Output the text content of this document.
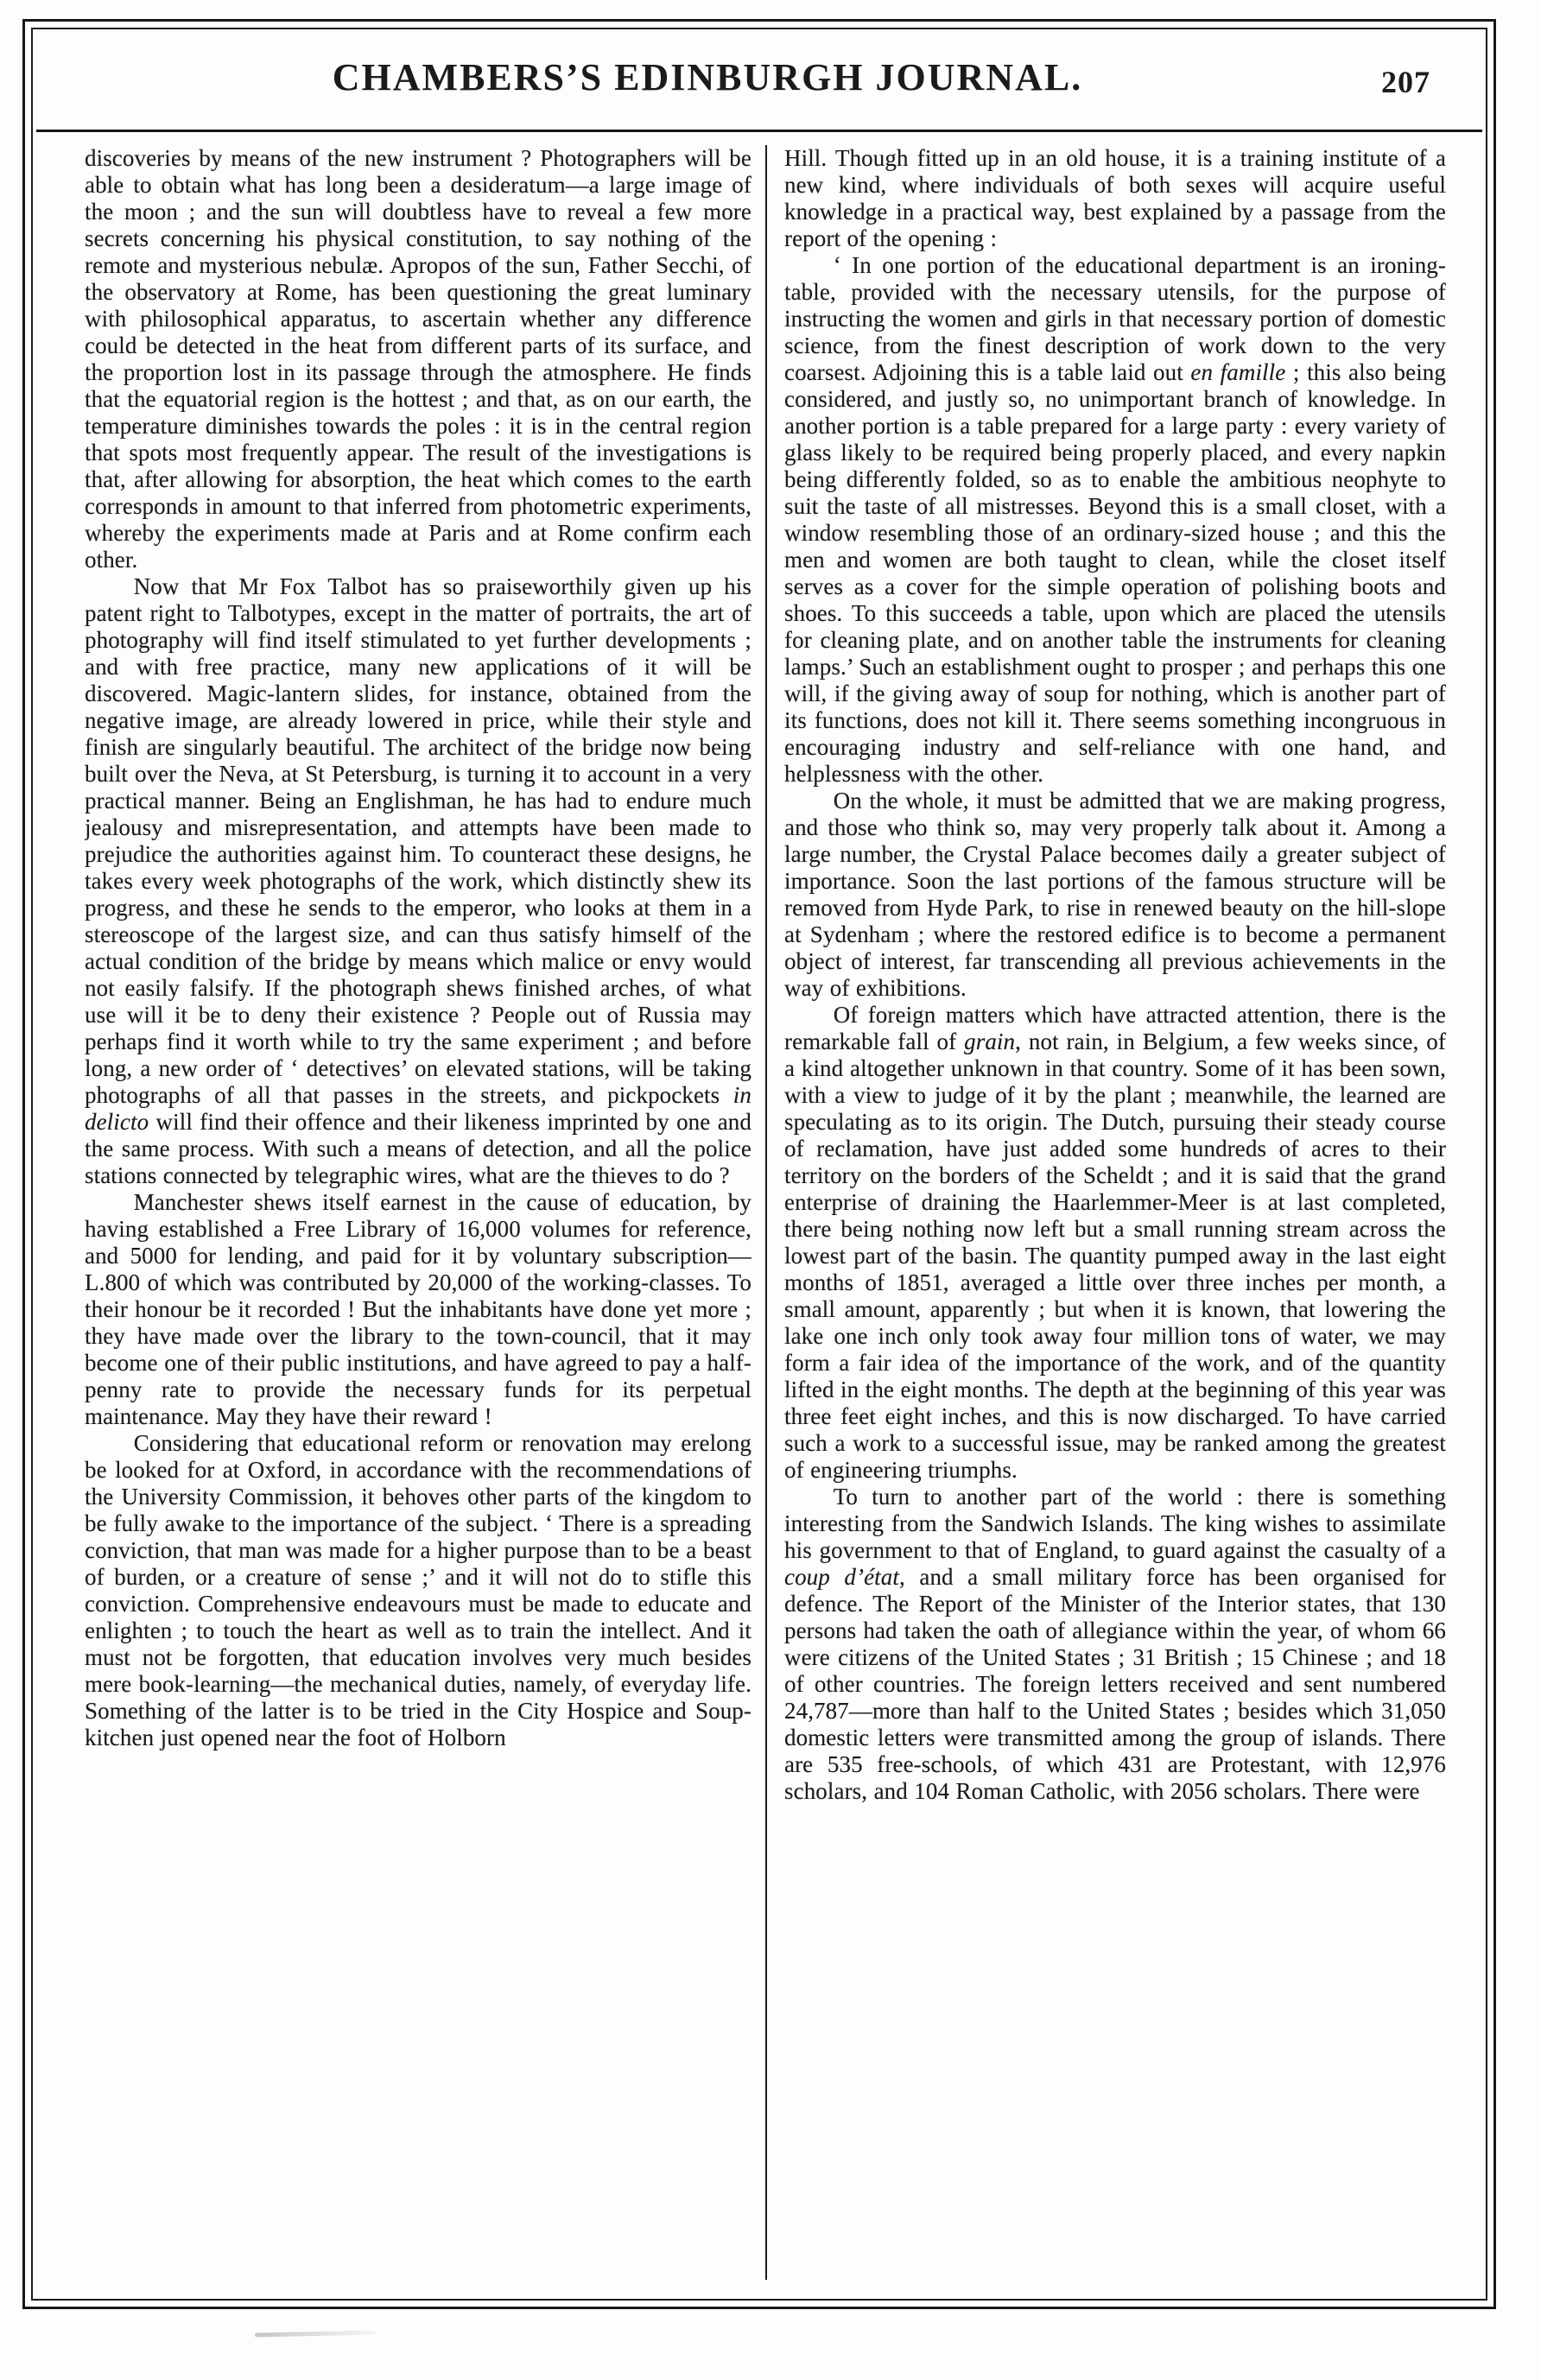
CHAMBERS’S EDINBURGH JOURNAL.	207

discoveries by means of the new instrument ? Photographers will be able to obtain what has long been a desideratum—a large image of the moon ; and the sun will doubtless have to reveal a few more secrets concerning his physical constitution, to say nothing of the remote and mysterious nebulæ. Apropos of the sun, Father Secchi, of the observatory at Rome, has been questioning the great luminary with philosophical apparatus, to ascertain whether any difference could be detected in the heat from different parts of its surface, and the proportion lost in its passage through the atmosphere. He finds that the equatorial region is the hottest ; and that, as on our earth, the temperature diminishes towards the poles : it is in the central region that spots most frequently appear. The result of the investigations is that, after allowing for absorption, the heat which comes to the earth corresponds in amount to that inferred from photometric experiments, whereby the experiments made at Paris and at Rome confirm each other.

Now that Mr Fox Talbot has so praiseworthily given up his patent right to Talbotypes, except in the matter of portraits, the art of photography will find itself stimulated to yet further developments ; and with free practice, many new applications of it will be discovered. Magic-lantern slides, for instance, obtained from the negative image, are already lowered in price, while their style and finish are singularly beautiful. The architect of the bridge now being built over the Neva, at St Petersburg, is turning it to account in a very practical manner. Being an Englishman, he has had to endure much jealousy and misrepresentation, and attempts have been made to prejudice the authorities against him. To counteract these designs, he takes every week photographs of the work, which distinctly shew its progress, and these he sends to the emperor, who looks at them in a stereoscope of the largest size, and can thus satisfy himself of the actual condition of the bridge by means which malice or envy would not easily falsify. If the photograph shews finished arches, of what use will it be to deny their existence ? People out of Russia may perhaps find it worth while to try the same experiment ; and before long, a new order of ‘ detectives’ on elevated stations, will be taking photographs of all that passes in the streets, and pickpockets in delicto will find their offence and their likeness imprinted by one and the same process. With such a means of detection, and all the police stations connected by telegraphic wires, what are the thieves to do ?

Manchester shews itself earnest in the cause of education, by having established a Free Library of 16,000 volumes for reference, and 5000 for lending, and paid for it by voluntary subscription—L.800 of which was contributed by 20,000 of the working-classes. To their honour be it recorded ! But the inhabitants have done yet more ; they have made over the library to the town-council, that it may become one of their public institutions, and have agreed to pay a half-penny rate to provide the necessary funds for its perpetual maintenance. May they have their reward !

Considering that educational reform or renovation may erelong be looked for at Oxford, in accordance with the recommendations of the University Commission, it behoves other parts of the kingdom to be fully awake to the importance of the subject. ‘ There is a spreading conviction, that man was made for a higher purpose than to be a beast of burden, or a creature of sense ;’ and it will not do to stifle this conviction. Comprehensive endeavours must be made to educate and enlighten ; to touch the heart as well as to train the intellect. And it must not be forgotten, that education involves very much besides mere book-learning—the mechanical duties, namely, of everyday life. Something of the latter is to be tried in the City Hospice and Soup-kitchen just opened near the foot of Holborn

Hill. Though fitted up in an old house, it is a training institute of a new kind, where individuals of both sexes will acquire useful knowledge in a practical way, best explained by a passage from the report of the opening :

‘ In one portion of the educational department is an ironing-table, provided with the necessary utensils, for the purpose of instructing the women and girls in that necessary portion of domestic science, from the finest description of work down to the very coarsest. Adjoining this is a table laid out en famille ; this also being considered, and justly so, no unimportant branch of knowledge. In another portion is a table prepared for a large party : every variety of glass likely to be required being properly placed, and every napkin being differently folded, so as to enable the ambitious neophyte to suit the taste of all mistresses. Beyond this is a small closet, with a window resembling those of an ordinary-sized house ; and this the men and women are both taught to clean, while the closet itself serves as a cover for the simple operation of polishing boots and shoes. To this succeeds a table, upon which are placed the utensils for cleaning plate, and on another table the instruments for cleaning lamps.’ Such an establishment ought to prosper ; and perhaps this one will, if the giving away of soup for nothing, which is another part of its functions, does not kill it. There seems something incongruous in encouraging industry and self-reliance with one hand, and helplessness with the other.

On the whole, it must be admitted that we are making progress, and those who think so, may very properly talk about it. Among a large number, the Crystal Palace becomes daily a greater subject of importance. Soon the last portions of the famous structure will be removed from Hyde Park, to rise in renewed beauty on the hill-slope at Sydenham ; where the restored edifice is to become a permanent object of interest, far transcending all previous achievements in the way of exhibitions.

Of foreign matters which have attracted attention, there is the remarkable fall of grain, not rain, in Belgium, a few weeks since, of a kind altogether unknown in that country. Some of it has been sown, with a view to judge of it by the plant ; meanwhile, the learned are speculating as to its origin. The Dutch, pursuing their steady course of reclamation, have just added some hundreds of acres to their territory on the borders of the Scheldt ; and it is said that the grand enterprise of draining the Haarlemmer-Meer is at last completed, there being nothing now left but a small running stream across the lowest part of the basin. The quantity pumped away in the last eight months of 1851, averaged a little over three inches per month, a small amount, apparently ; but when it is known, that lowering the lake one inch only took away four million tons of water, we may form a fair idea of the importance of the work, and of the quantity lifted in the eight months. The depth at the beginning of this year was three feet eight inches, and this is now discharged. To have carried such a work to a successful issue, may be ranked among the greatest of engineering triumphs.

To turn to another part of the world : there is something interesting from the Sandwich Islands. The king wishes to assimilate his government to that of England, to guard against the casualty of a coup d’état, and a small military force has been organised for defence. The Report of the Minister of the Interior states, that 130 persons had taken the oath of allegiance within the year, of whom 66 were citizens of the United States ; 31 British ; 15 Chinese ; and 18 of other countries. The foreign letters received and sent numbered 24,787—more than half to the United States ; besides which 31,050 domestic letters were transmitted among the group of islands. There are 535 free-schools, of which 431 are Protestant, with 12,976 scholars, and 104 Roman Catholic, with 2056 scholars. There were
